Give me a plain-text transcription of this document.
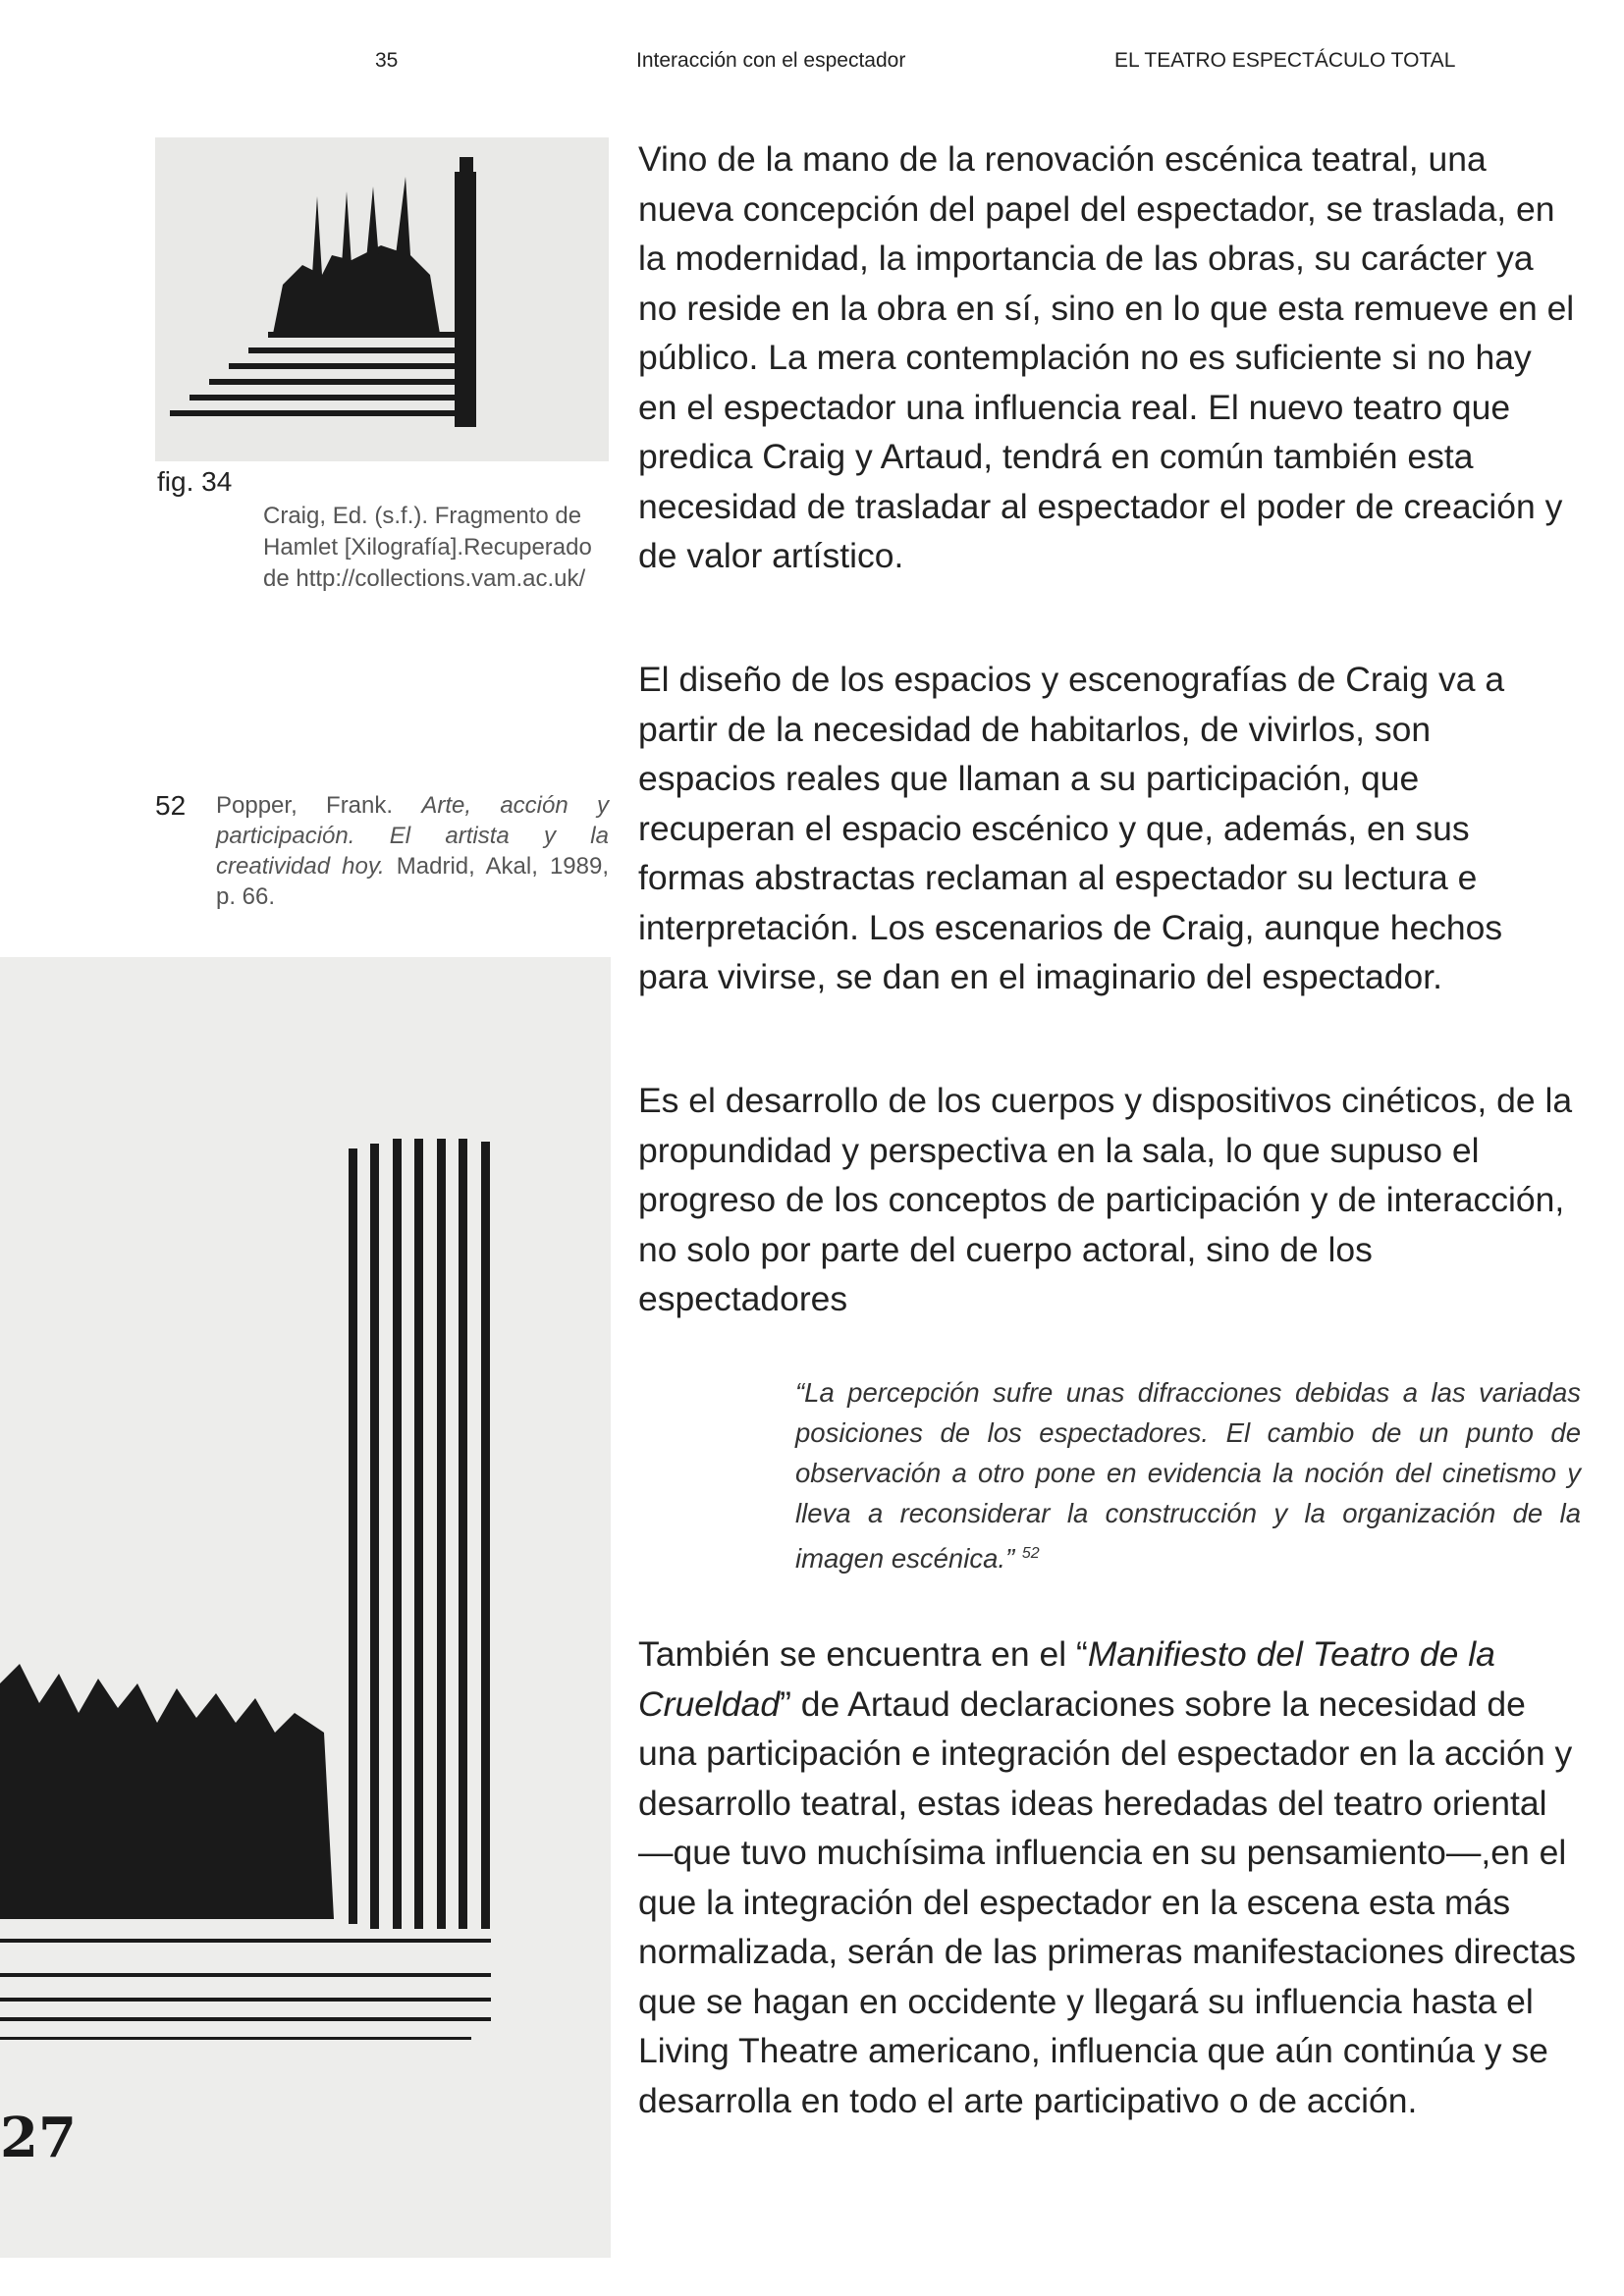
35	Interacción con el espectador	EL TEATRO ESPECTÁCULO TOTAL
fig. 34
Craig, Ed. (s.f.). Fragmento de Hamlet [Xilografía].Recuperado de http://collections.vam.ac.uk/
52 Popper, Frank. Arte, acción y participación. El artista y la creatividad hoy. Madrid, Akal, 1989, p. 66.
27

Vino de la mano de la renovación escénica teatral, una nueva concepción del papel del espectador, se traslada, en la modernidad, la importancia de las obras, su carácter ya no reside en la obra en sí, sino en lo que esta remueve en el público. La mera contemplación no es suficiente si no hay en el espectador una influencia real. El nuevo teatro que predica Craig y Artaud, tendrá en común también esta necesidad de trasladar al espectador el poder de creación y de valor artístico.

El diseño de los espacios y escenografías de Craig va a partir de la necesidad de habitarlos, de vivirlos, son espacios reales que llaman a su participación, que recuperan el espacio escénico y que, además, en sus formas abstractas reclaman al espectador su lectura e interpretación. Los escenarios de Craig, aunque hechos para vivirse, se dan en el imaginario del espectador.

Es el desarrollo de los cuerpos y dispositivos cinéticos, de la propundidad y perspectiva en la sala, lo que supuso el progreso de los conceptos de participación y de interacción, no solo por parte del cuerpo actoral, sino de los espectadores

“La percepción sufre unas difracciones debidas a las variadas posiciones de los espectadores. El cambio de un punto de observación a otro pone en evidencia la noción del cinetismo y lleva a reconsiderar la construcción y la organización de la imagen escénica.” $^{52}$

También se encuentra en el “Manifiesto del Teatro de la Crueldad” de Artaud declaraciones sobre la necesidad de una participación e integración del espectador en la acción y desarrollo teatral, estas ideas heredadas del teatro oriental —que tuvo muchísima influencia en su pensamiento—,en el que la integración del espectador en la escena esta más normalizada, serán de las primeras manifestaciones directas que se hagan en occidente y llegará su influencia hasta el Living Theatre americano, influencia que aún continúa y se desarrolla en todo el arte participativo o de acción.
